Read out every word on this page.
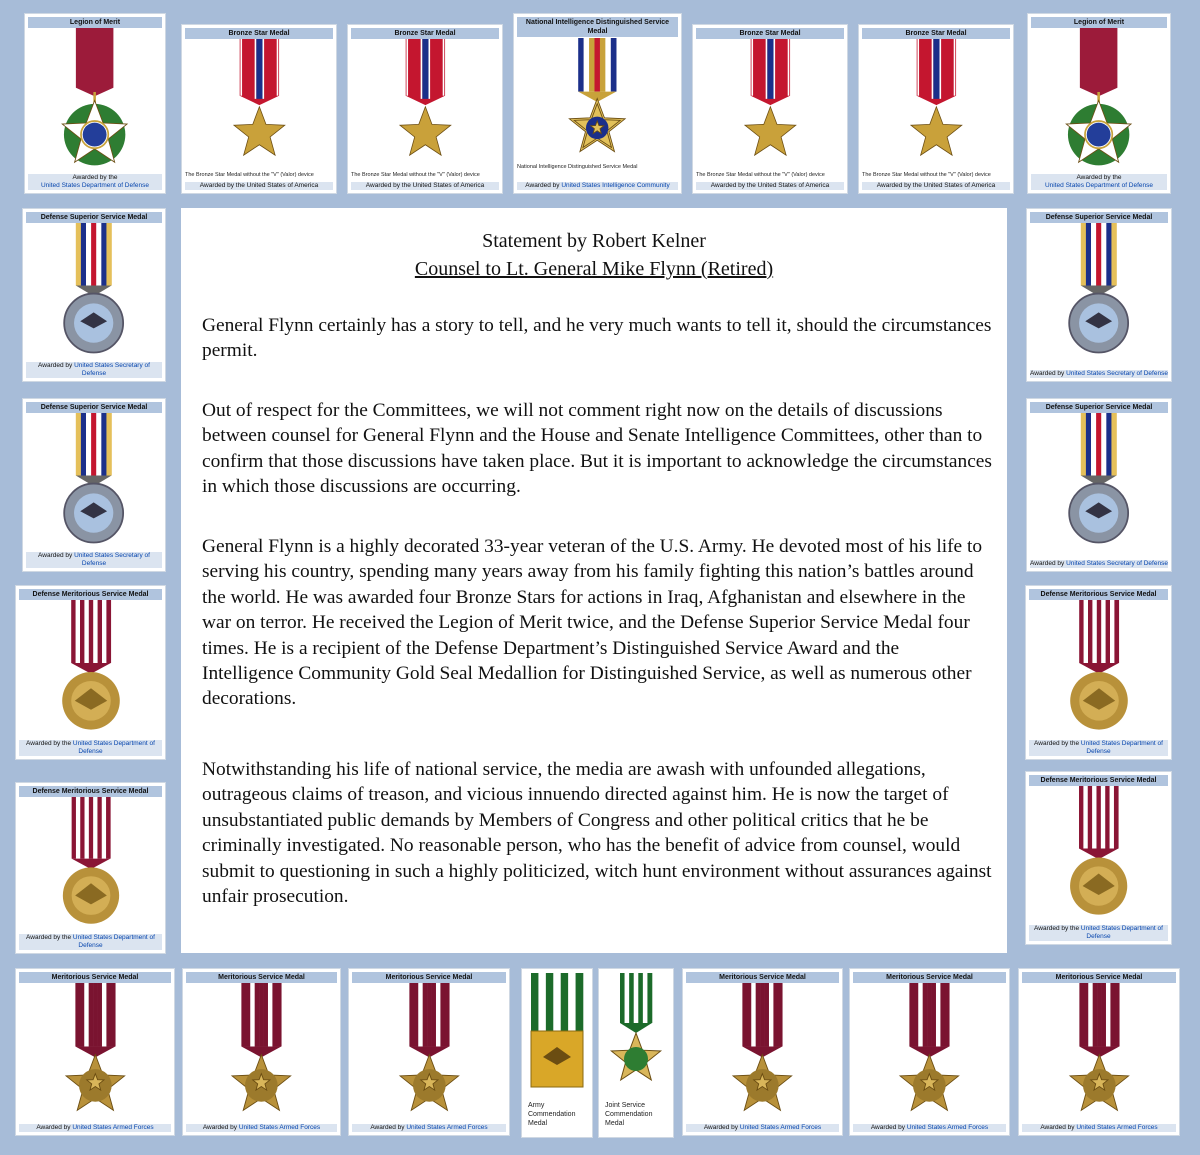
Legion of Merit
Awarded by the
United States Department of Defense
Bronze Star Medal
The Bronze Star Medal without the "V" (Valor) device
Awarded by the United States of America
Bronze Star Medal
The Bronze Star Medal without the "V" (Valor) device
Awarded by the United States of America
National Intelligence Distinguished Service Medal
National Intelligence Distinguished Service Medal
Awarded by United States Intelligence Community
Bronze Star Medal
The Bronze Star Medal without the "V" (Valor) device
Awarded by the United States of America
Bronze Star Medal
The Bronze Star Medal without the "V" (Valor) device
Awarded by the United States of America
Legion of Merit
Awarded by the
United States Department of Defense
Defense Superior Service Medal
Awarded by United States Secretary of Defense
Defense Superior Service Medal
Awarded by United States Secretary of Defense
Defense Meritorious Service Medal
Awarded by the United States Department of Defense
Defense Meritorious Service Medal
Awarded by the United States Department of Defense
Defense Superior Service Medal
Awarded by United States Secretary of Defense
Defense Superior Service Medal
Awarded by United States Secretary of Defense
Defense Meritorious Service Medal
Awarded by the United States Department of Defense
Defense Meritorious Service Medal
Awarded by the United States Department of Defense
Meritorious Service Medal
Awarded by United States Armed Forces
Meritorious Service Medal
Awarded by United States Armed Forces
Meritorious Service Medal
Awarded by United States Armed Forces
Army Commendation Medal
Joint Service Commendation Medal
Meritorious Service Medal
Awarded by United States Armed Forces
Meritorious Service Medal
Awarded by United States Armed Forces
Meritorious Service Medal
Awarded by United States Armed Forces
Statement by Robert Kelner
Counsel to Lt. General Mike Flynn (Retired)
General Flynn certainly has a story to tell, and he very much wants to tell it, should the circumstances permit.
Out of respect for the Committees, we will not comment right now on the details of discussions between counsel for General Flynn and the House and Senate Intelligence Committees, other than to confirm that those discussions have taken place. But it is important to acknowledge the circumstances in which those discussions are occurring.
General Flynn is a highly decorated 33-year veteran of the U.S. Army. He devoted most of his life to serving his country, spending many years away from his family fighting this nation’s battles around the world. He was awarded four Bronze Stars for actions in Iraq, Afghanistan and elsewhere in the war on terror. He received the Legion of Merit twice, and the Defense Superior Service Medal four times. He is a recipient of the Defense Department’s Distinguished Service Award and the Intelligence Community Gold Seal Medallion for Distinguished Service, as well as numerous other decorations.
Notwithstanding his life of national service, the media are awash with unfounded allegations, outrageous claims of treason, and vicious innuendo directed against him. He is now the target of unsubstantiated public demands by Members of Congress and other political critics that he be criminally investigated. No reasonable person, who has the benefit of advice from counsel, would submit to questioning in such a highly politicized, witch hunt environment without assurances against unfair prosecution.
